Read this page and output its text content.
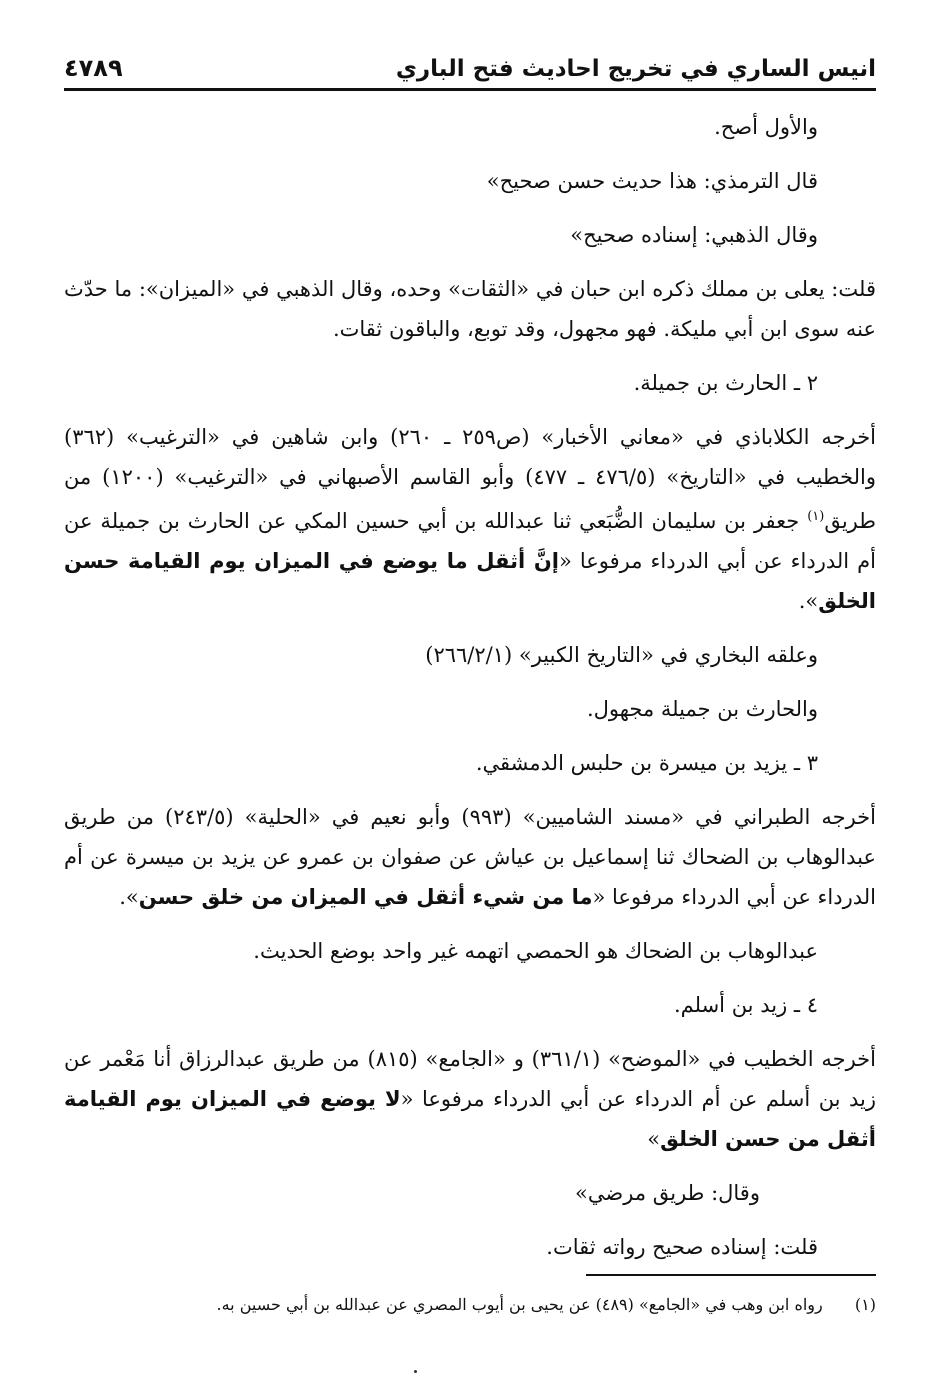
انيس الساري في تخريج احاديث فتح الباري
٤٧٨٩

والأول أصح.

قال الترمذي: هذا حديث حسن صحيح»

وقال الذهبي: إسناده صحيح»

قلت: يعلى بن مملك ذكره ابن حبان في «الثقات» وحده، وقال الذهبي في «الميزان»: ما حدّث عنه سوى ابن أبي مليكة. فهو مجهول، وقد توبع، والباقون ثقات.

٢ ـ الحارث بن جميلة.

أخرجه الكلاباذي في «معاني الأخبار» (ص٢٥٩ ـ ٢٦٠) وابن شاهين في «الترغيب» (٣٦٢) والخطيب في «التاريخ» (٤٧٦/٥ ـ ٤٧٧) وأبو القاسم الأصبهاني في «الترغيب» (١٢٠٠) من طريق$^{(١)}$ جعفر بن سليمان الضُّبَعي ثنا عبدالله بن أبي حسين المكي عن الحارث بن جميلة عن أم الدرداء عن أبي الدرداء مرفوعا «إنَّ أثقل ما يوضع في الميزان يوم القيامة حسن الخلق».

وعلقه البخاري في «التاريخ الكبير» (٢٦٦/٢/١)

والحارث بن جميلة مجهول.

٣ ـ يزيد بن ميسرة بن حلبس الدمشقي.

أخرجه الطبراني في «مسند الشاميين» (٩٩٣) وأبو نعيم في «الحلية» (٢٤٣/٥) من طريق عبدالوهاب بن الضحاك ثنا إسماعيل بن عياش عن صفوان بن عمرو عن يزيد بن ميسرة عن أم الدرداء عن أبي الدرداء مرفوعا «ما من شيء أثقل في الميزان من خلق حسن».

عبدالوهاب بن الضحاك هو الحمصي اتهمه غير واحد بوضع الحديث.

٤ ـ زيد بن أسلم.

أخرجه الخطيب في «الموضح» (٣٦١/١) و «الجامع» (٨١٥) من طريق عبدالرزاق أنا مَعْمر عن زيد بن أسلم عن أم الدرداء عن أبي الدرداء مرفوعا «لا يوضع في الميزان يوم القيامة أثقل من حسن الخلق»

وقال: طريق مرضي»

قلت: إسناده صحيح رواته ثقات.

(١)  رواه ابن وهب في «الجامع» (٤٨٩) عن يحيى بن أيوب المصري عن عبدالله بن أبي حسين به.
